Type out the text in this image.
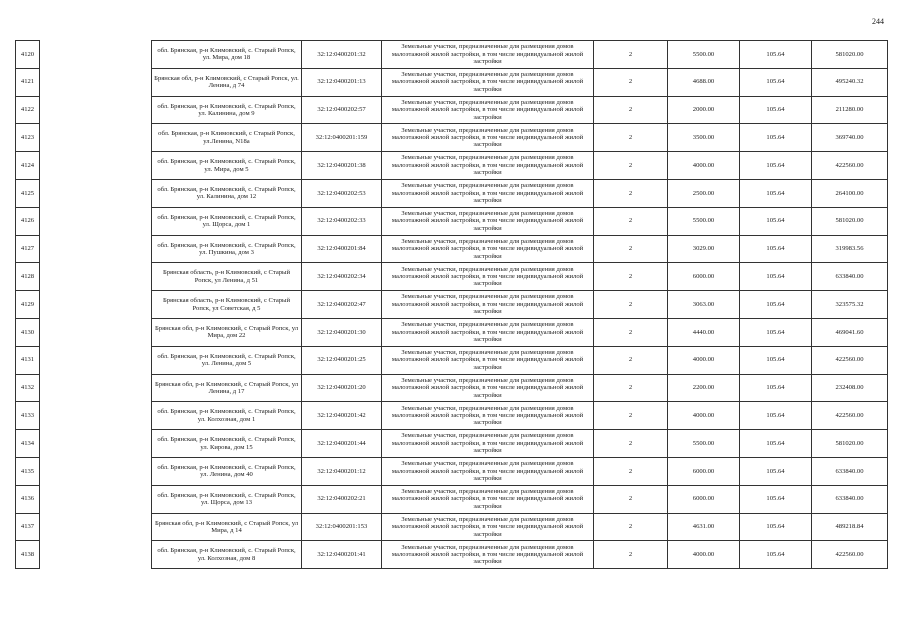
244
4120		обл. Брянская, р-н Климовский, с. Старый Ропск, ул. Мира, дом 18	32:12:0400201:32	Земельные участки, предназначенные для размещения домов малоэтажной жилой застройки, в том числе индивидуальной жилой застройки	2	5500.00	105.64	581020.00
4121		Брянская обл, р-н Климовский, с Старый Ропск, ул. Ленина, д 74	32:12:0400201:13	Земельные участки, предназначенные для размещения домов малоэтажной жилой застройки, в том числе индивидуальной жилой застройки	2	4688.00	105.64	495240.32
4122		обл. Брянская, р-н Климовский, с. Старый Ропск, ул. Калинина, дом 9	32:12:0400202:57	Земельные участки, предназначенные для размещения домов малоэтажной жилой застройки, в том числе индивидуальной жилой застройки	2	2000.00	105.64	211280.00
4123		обл. Брянская, р-н Климовский, с Старый Ропск, ул.Ленина, N18а	32:12:0400201:159	Земельные участки, предназначенные для размещения домов малоэтажной жилой застройки, в том числе индивидуальной жилой застройки	2	3500.00	105.64	369740.00
4124		обл. Брянская, р-н Климовский, с. Старый Ропск, ул. Мира, дом 5	32:12:0400201:38	Земельные участки, предназначенные для размещения домов малоэтажной жилой застройки, в том числе индивидуальной жилой застройки	2	4000.00	105.64	422560.00
4125		обл. Брянская, р-н Климовский, с. Старый Ропск, ул. Калинина, дом 12	32:12:0400202:53	Земельные участки, предназначенные для размещения домов малоэтажной жилой застройки, в том числе индивидуальной жилой застройки	2	2500.00	105.64	264100.00
4126		обл. Брянская, р-н Климовский, с. Старый Ропск, ул. Щорса, дом 1	32:12:0400202:33	Земельные участки, предназначенные для размещения домов малоэтажной жилой застройки, в том числе индивидуальной жилой застройки	2	5500.00	105.64	581020.00
4127		обл. Брянская, р-н Климовский, с. Старый Ропск, ул. Пушкина, дом 3	32:12:0400201:84	Земельные участки, предназначенные для размещения домов малоэтажной жилой застройки, в том числе индивидуальной жилой застройки	2	3029.00	105.64	319983.56
4128		Брянская область, р-н Климовский, с Старый Ропск, ул Ленина, д 51	32:12:0400202:34	Земельные участки, предназначенные для размещения домов малоэтажной жилой застройки, в том числе индивидуальной жилой застройки	2	6000.00	105.64	633840.00
4129		Брянская область, р-н Климовский, с Старый Ропск, ул Советская, д 5	32:12:0400202:47	Земельные участки, предназначенные для размещения домов малоэтажной жилой застройки, в том числе индивидуальной жилой застройки	2	3063.00	105.64	323575.32
4130		Брянская обл, р-н Климовский, с Старый Ропск, ул Мира, дом 22	32:12:0400201:30	Земельные участки, предназначенные для размещения домов малоэтажной жилой застройки, в том числе индивидуальной жилой застройки	2	4440.00	105.64	469041.60
4131		обл. Брянская, р-н Климовский, с. Старый Ропск, ул. Ленина, дом 5	32:12:0400201:25	Земельные участки, предназначенные для размещения домов малоэтажной жилой застройки, в том числе индивидуальной жилой застройки	2	4000.00	105.64	422560.00
4132		Брянская обл, р-н Климовский, с Старый Ропск, ул Ленина, д 17	32:12:0400201:20	Земельные участки, предназначенные для размещения домов малоэтажной жилой застройки, в том числе индивидуальной жилой застройки	2	2200.00	105.64	232408.00
4133		обл. Брянская, р-н Климовский, с. Старый Ропск, ул. Колхозная, дом 1	32:12:0400201:42	Земельные участки, предназначенные для размещения домов малоэтажной жилой застройки, в том числе индивидуальной жилой застройки	2	4000.00	105.64	422560.00
4134		обл. Брянская, р-н Климовский, с. Старый Ропск, ул. Кирова, дом 15	32:12:0400201:44	Земельные участки, предназначенные для размещения домов малоэтажной жилой застройки, в том числе индивидуальной жилой застройки	2	5500.00	105.64	581020.00
4135		обл. Брянская, р-н Климовский, с. Старый Ропск, ул. Ленина, дом 40	32:12:0400201:12	Земельные участки, предназначенные для размещения домов малоэтажной жилой застройки, в том числе индивидуальной жилой застройки	2	6000.00	105.64	633840.00
4136		обл. Брянская, р-н Климовский, с. Старый Ропск, ул. Щорса, дом 13	32:12:0400202:21	Земельные участки, предназначенные для размещения домов малоэтажной жилой застройки, в том числе индивидуальной жилой застройки	2	6000.00	105.64	633840.00
4137		Брянская обл, р-н Климовский, с Старый Ропск, ул Мира, д 14	32:12:0400201:153	Земельные участки, предназначенные для размещения домов малоэтажной жилой застройки, в том числе индивидуальной жилой застройки	2	4631.00	105.64	489218.84
4138		обл. Брянская, р-н Климовский, с. Старый Ропск, ул. Колхозная, дом 8	32:12:0400201:41	Земельные участки, предназначенные для размещения домов малоэтажной жилой застройки, в том числе индивидуальной жилой застройки	2	4000.00	105.64	422560.00
